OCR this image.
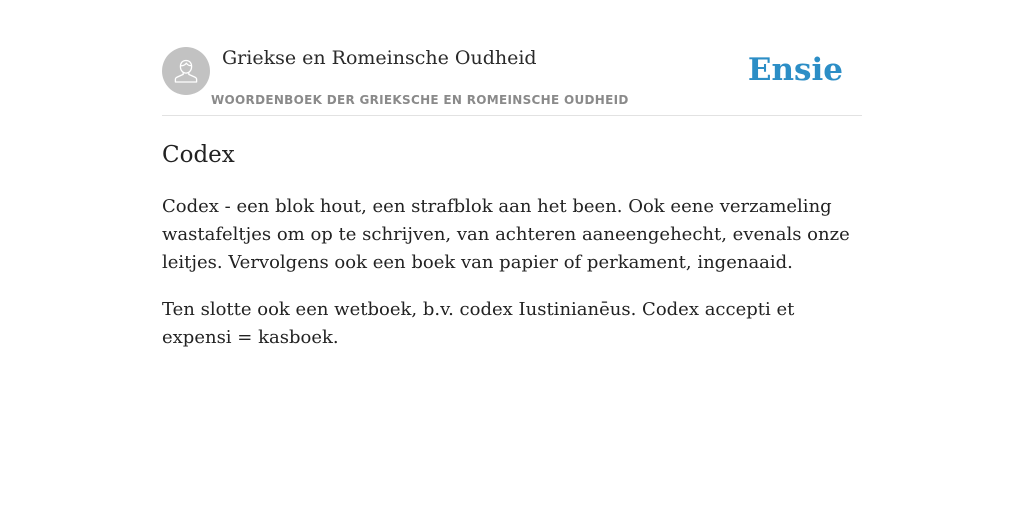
Griekse en Romeinsche Oudheid
WOORDENBOEK DER GRIEKSCHE EN ROMEINSCHE OUDHEID
Ensie
Codex

Codex - een blok hout, een strafblok aan het been. Ook eene verzameling wastafeltjes om op te schrijven, van achteren aaneengehecht, evenals onze leitjes. Vervolgens ook een boek van papier of perkament, ingenaaid.

Ten slotte ook een wetboek, b.v. codex Iustinianēus. Codex accepti et expensi = kasboek.
